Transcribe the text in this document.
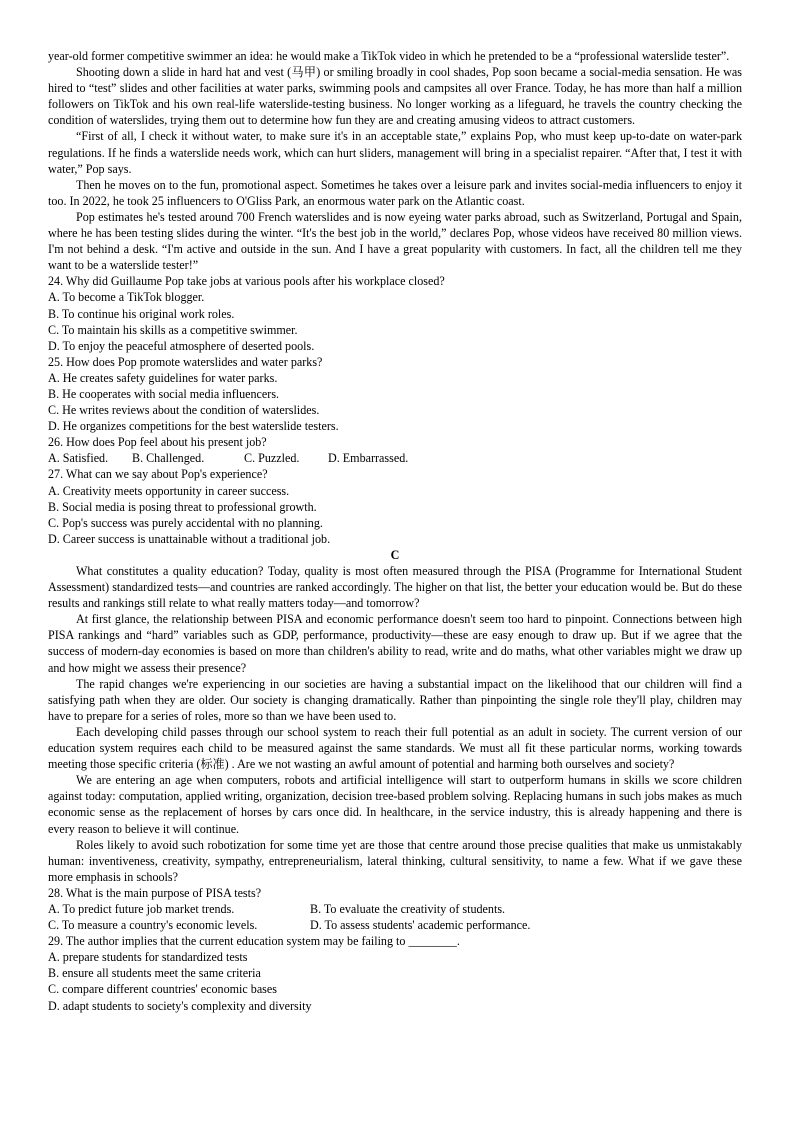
year-old former competitive swimmer an idea: he would make a TikTok video in which he pretended to be a “professional waterslide tester”.

Shooting down a slide in hard hat and vest (马甲) or smiling broadly in cool shades, Pop soon became a social-media sensation. He was hired to “test” slides and other facilities at water parks, swimming pools and campsites all over France. Today, he has more than half a million followers on TikTok and his own real-life waterslide-testing business. No longer working as a lifeguard, he travels the country checking the condition of waterslides, trying them out to determine how fun they are and creating amusing videos to attract customers.

“First of all, I check it without water, to make sure it's in an acceptable state,” explains Pop, who must keep up-to-date on water-park regulations. If he finds a waterslide needs work, which can hurt sliders, management will bring in a specialist repairer. “After that, I test it with water,” Pop says.

Then he moves on to the fun, promotional aspect. Sometimes he takes over a leisure park and invites social-media influencers to enjoy it too. In 2022, he took 25 influencers to O'Gliss Park, an enormous water park on the Atlantic coast.

Pop estimates he's tested around 700 French waterslides and is now eyeing water parks abroad, such as Switzerland, Portugal and Spain, where he has been testing slides during the winter. “It's the best job in the world,” declares Pop, whose videos have received 80 million views. I'm not behind a desk. “I'm active and outside in the sun. And I have a great popularity with customers. In fact, all the children tell me they want to be a waterslide tester!”

24. Why did Guillaume Pop take jobs at various pools after his workplace closed?

A. To become a TikTok blogger.

B. To continue his original work roles.

C. To maintain his skills as a competitive swimmer.

D. To enjoy the peaceful atmosphere of deserted pools.

25. How does Pop promote waterslides and water parks?

A. He creates safety guidelines for water parks.

B. He cooperates with social media influencers.

C. He writes reviews about the condition of waterslides.

D. He organizes competitions for the best waterslide testers.

26. How does Pop feel about his present job?

A. Satisfied. B. Challenged.	C. Puzzled. D. Embarrassed.

27. What can we say about Pop's experience?

A. Creativity meets opportunity in career success.

B. Social media is posing threat to professional growth.

C. Pop's success was purely accidental with no planning.

D. Career success is unattainable without a traditional job.

C

What constitutes a quality education? Today, quality is most often measured through the PISA (Programme for International Student Assessment) standardized tests—and countries are ranked accordingly. The higher on that list, the better your education would be. But do these results and rankings still relate to what really matters today—and tomorrow?

At first glance, the relationship between PISA and economic performance doesn't seem too hard to pinpoint. Connections between high PISA rankings and “hard” variables such as GDP, performance, productivity—these are easy enough to draw up. But if we agree that the success of modern-day economies is based on more than children's ability to read, write and do maths, what other variables might we draw up and how might we assess their presence?

The rapid changes we're experiencing in our societies are having a substantial impact on the likelihood that our children will find a satisfying path when they are older. Our society is changing dramatically. Rather than pinpointing the single role they'll play, children may have to prepare for a series of roles, more so than we have been used to.

Each developing child passes through our school system to reach their full potential as an adult in society. The current version of our education system requires each child to be measured against the same standards. We must all fit these particular norms, working towards meeting those specific criteria (标准) . Are we not wasting an awful amount of potential and harming both ourselves and society?

We are entering an age when computers, robots and artificial intelligence will start to outperform humans in skills we score children against today: computation, applied writing, organization, decision tree-based problem solving. Replacing humans in such jobs makes as much economic sense as the replacement of horses by cars once did. In healthcare, in the service industry, this is already happening and there is every reason to believe it will continue.

Roles likely to avoid such robotization for some time yet are those that centre around those precise qualities that make us unmistakably human: inventiveness, creativity, sympathy, entrepreneurialism, lateral thinking, cultural sensitivity, to name a few. What if we gave these more emphasis in schools?

28. What is the main purpose of PISA tests?

A. To predict future job market trends.	B. To evaluate the creativity of students.

C. To measure a country's economic levels.	D. To assess students' academic performance.

29. The author implies that the current education system may be failing to ________.

A. prepare students for standardized tests

B. ensure all students meet the same criteria

C. compare different countries' economic bases

D. adapt students to society's complexity and diversity
